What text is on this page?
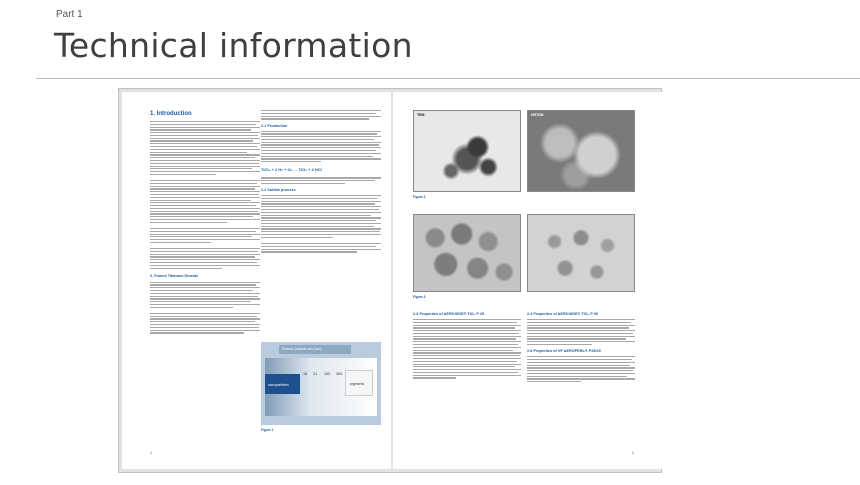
Part 1
Technical information
1. Introduction
2. Fumed Titanium Dioxide
2.1 Production
TiCl₄ + 2 H₂ + O₂ → TiO₂ + 4 HCl
2.2 Sulfate process
Primary particle size [nm]
nanoparticles	pigments
15 21 100 300
Figure 1
4
TEM	HRTEM
Figure 2
Figure 3
2.3 Properties of AEROXIDE® TiO₂ P 25	2.4 Properties of AEROXIDE® TiO₂ P 90
2.5 Properties of VP AEROPERL® P25/20
5
